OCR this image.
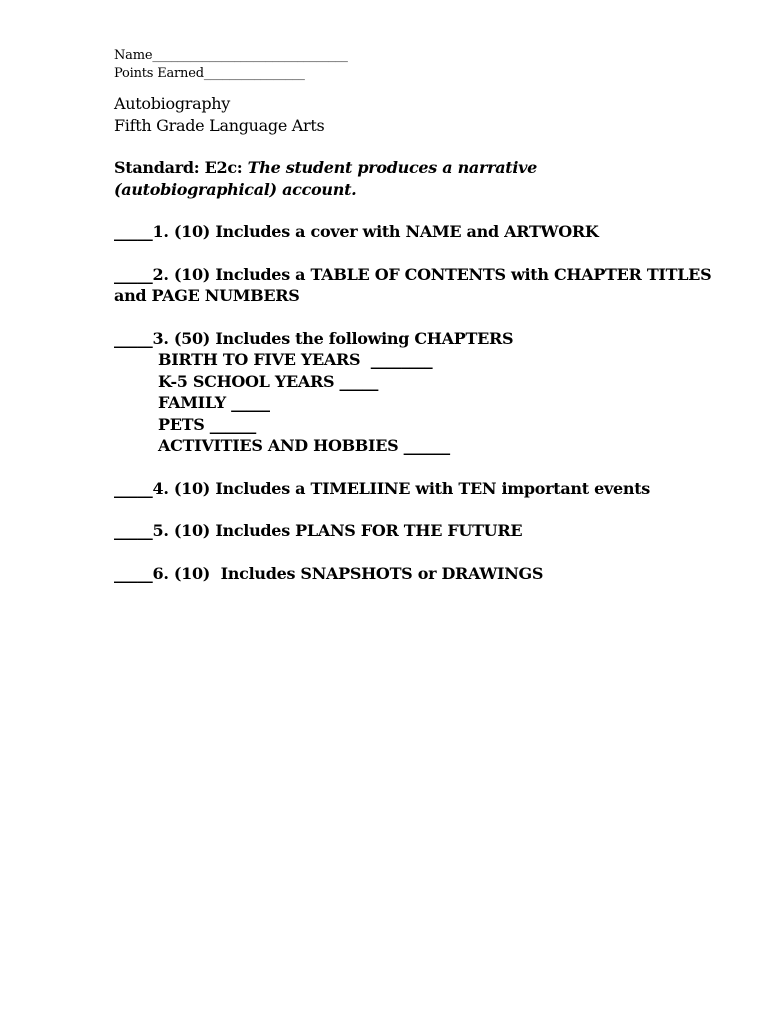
Name_______________________________
Points Earned________________
Autobiography
Fifth Grade Language Arts
Standard: E2c: The student produces a narrative
(autobiographical) account.
_____1. (10) Includes a cover with NAME and ARTWORK
_____2. (10) Includes a TABLE OF CONTENTS with CHAPTER TITLES
and PAGE NUMBERS
_____3. (50) Includes the following CHAPTERS
BIRTH TO FIVE YEARS  ________
K-5 SCHOOL YEARS _____
FAMILY _____
PETS ______
ACTIVITIES AND HOBBIES ______
_____4. (10) Includes a TIMELIINE with TEN important events
_____5. (10) Includes PLANS FOR THE FUTURE
_____6. (10)  Includes SNAPSHOTS or DRAWINGS
